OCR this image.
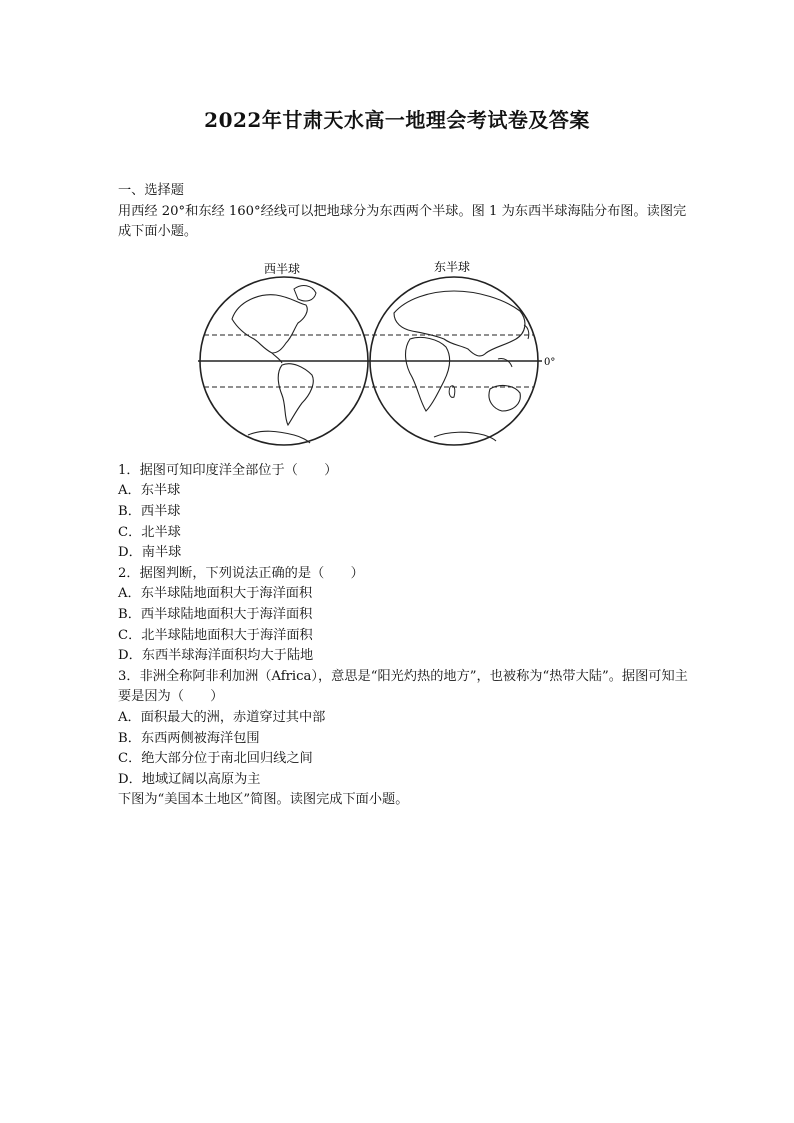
2022年甘肃天水高一地理会考试卷及答案
一、选择题
用西经 20°和东经 160°经线可以把地球分为东西两个半球。图 1 为东西半球海陆分布图。读图完成下面小题。
西半球	东半球
0°
1．据图可知印度洋全部位于（　　）
A．东半球
B．西半球
C．北半球
D．南半球
2．据图判断，下列说法正确的是（　　）
A．东半球陆地面积大于海洋面积
B．西半球陆地面积大于海洋面积
C．北半球陆地面积大于海洋面积
D．东西半球海洋面积均大于陆地
3．非洲全称阿非利加洲（Africa），意思是“阳光灼热的地方”，也被称为“热带大陆”。据图可知主要是因为（　　）
A．面积最大的洲，赤道穿过其中部
B．东西两侧被海洋包围
C．绝大部分位于南北回归线之间
D．地域辽阔以高原为主
下图为“美国本土地区”简图。读图完成下面小题。
